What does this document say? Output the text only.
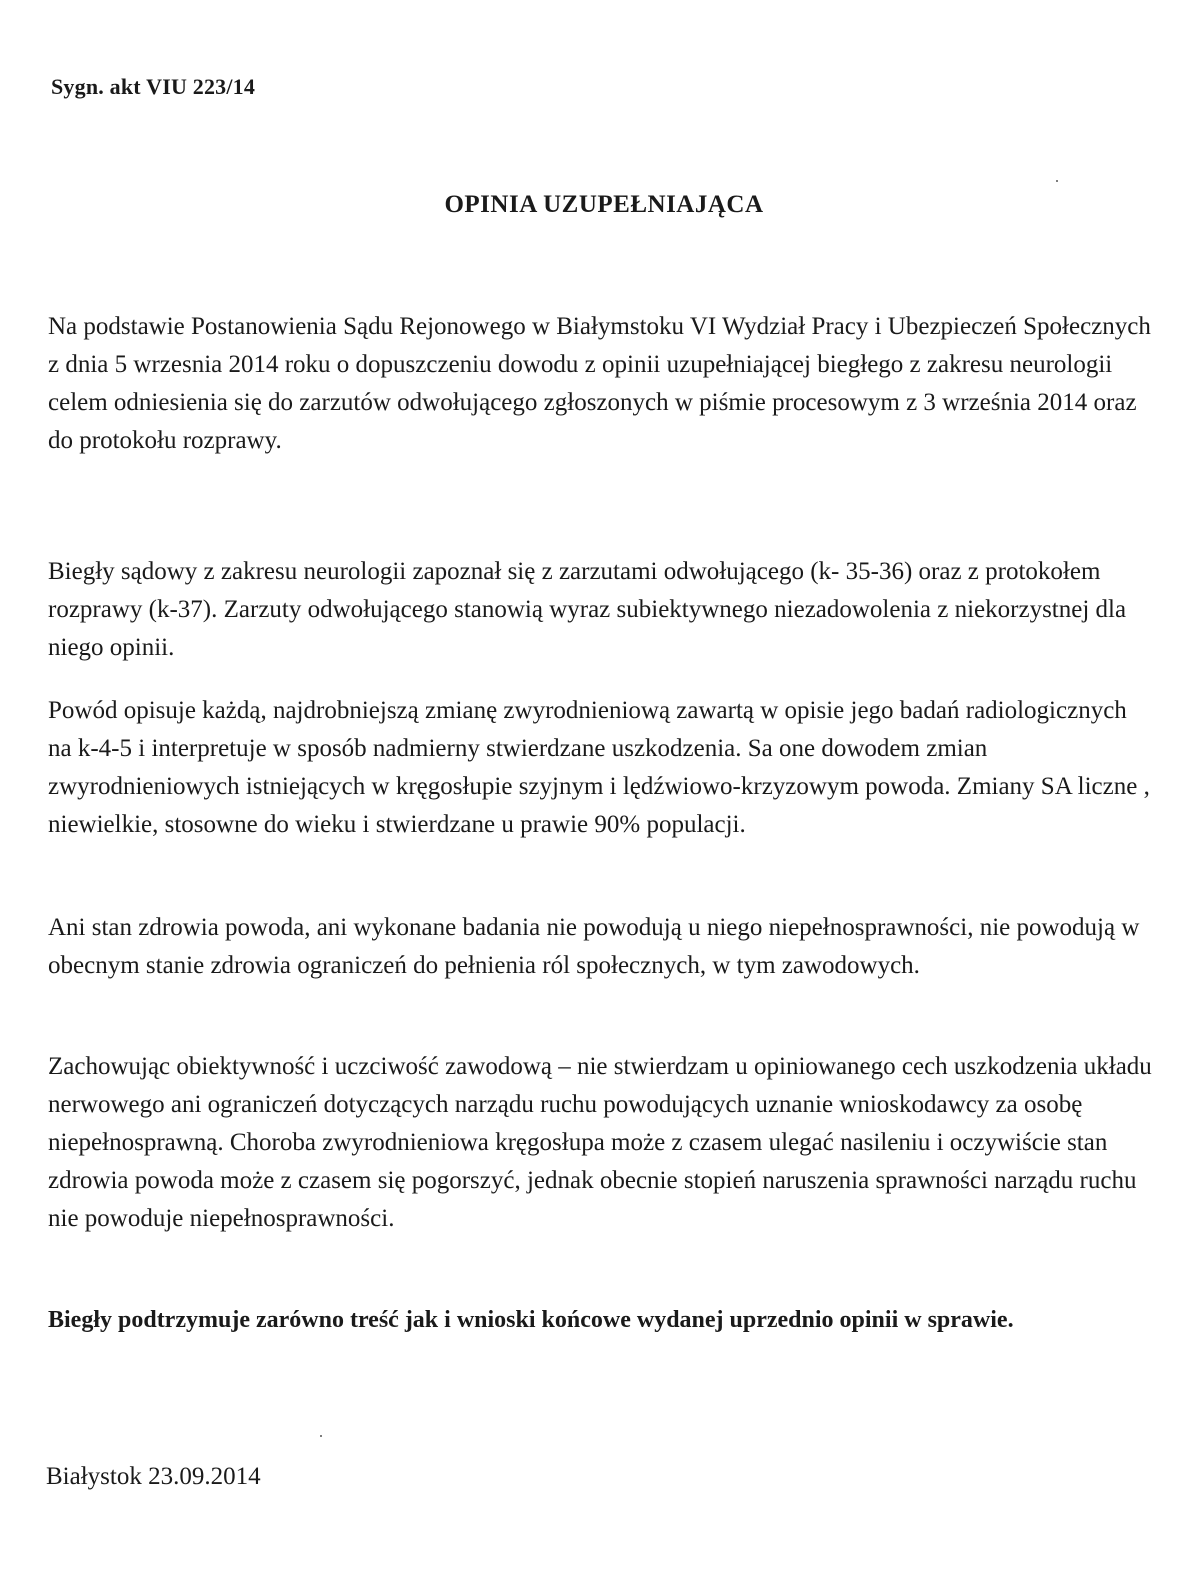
Sygn. akt VIU 223/14
OPINIA UZUPEŁNIAJĄCA
Na podstawie Postanowienia Sądu Rejonowego w Białymstoku VI Wydział Pracy i Ubezpieczeń Społecznych z dnia 5 wrzesnia 2014 roku o dopuszczeniu dowodu z opinii uzupełniającej biegłego z zakresu neurologii celem odniesienia się do zarzutów odwołującego zgłoszonych w piśmie procesowym z 3 września 2014 oraz do protokołu rozprawy.
Biegły sądowy z zakresu neurologii zapoznał się z zarzutami odwołującego (k- 35-36) oraz z protokołem rozprawy (k-37). Zarzuty odwołującego stanowią wyraz subiektywnego niezadowolenia z niekorzystnej dla niego opinii.
Powód opisuje każdą, najdrobniejszą zmianę zwyrodnieniową zawartą w opisie jego badań radiologicznych na k-4-5 i interpretuje w sposób nadmierny stwierdzane uszkodzenia. Sa one dowodem zmian zwyrodnieniowych istniejących w kręgosłupie szyjnym i lędźwiowo-krzyzowym powoda. Zmiany SA liczne , niewielkie, stosowne do wieku i stwierdzane u prawie 90% populacji.
Ani stan zdrowia powoda, ani wykonane badania nie powodują u niego niepełnosprawności, nie powodują w obecnym stanie zdrowia ograniczeń do pełnienia ról społecznych, w tym zawodowych.
Zachowując obiektywność i uczciwość zawodową – nie stwierdzam u opiniowanego cech uszkodzenia układu nerwowego ani ograniczeń dotyczących narządu ruchu powodujących uznanie wnioskodawcy za osobę niepełnosprawną. Choroba zwyrodnieniowa kręgosłupa może z czasem ulegać nasileniu i oczywiście stan zdrowia powoda może z czasem się pogorszyć, jednak obecnie stopień naruszenia sprawności narządu ruchu nie powoduje niepełnosprawności.
Biegły podtrzymuje zarówno treść jak i wnioski końcowe wydanej uprzednio opinii w sprawie.
Białystok 23.09.2014
